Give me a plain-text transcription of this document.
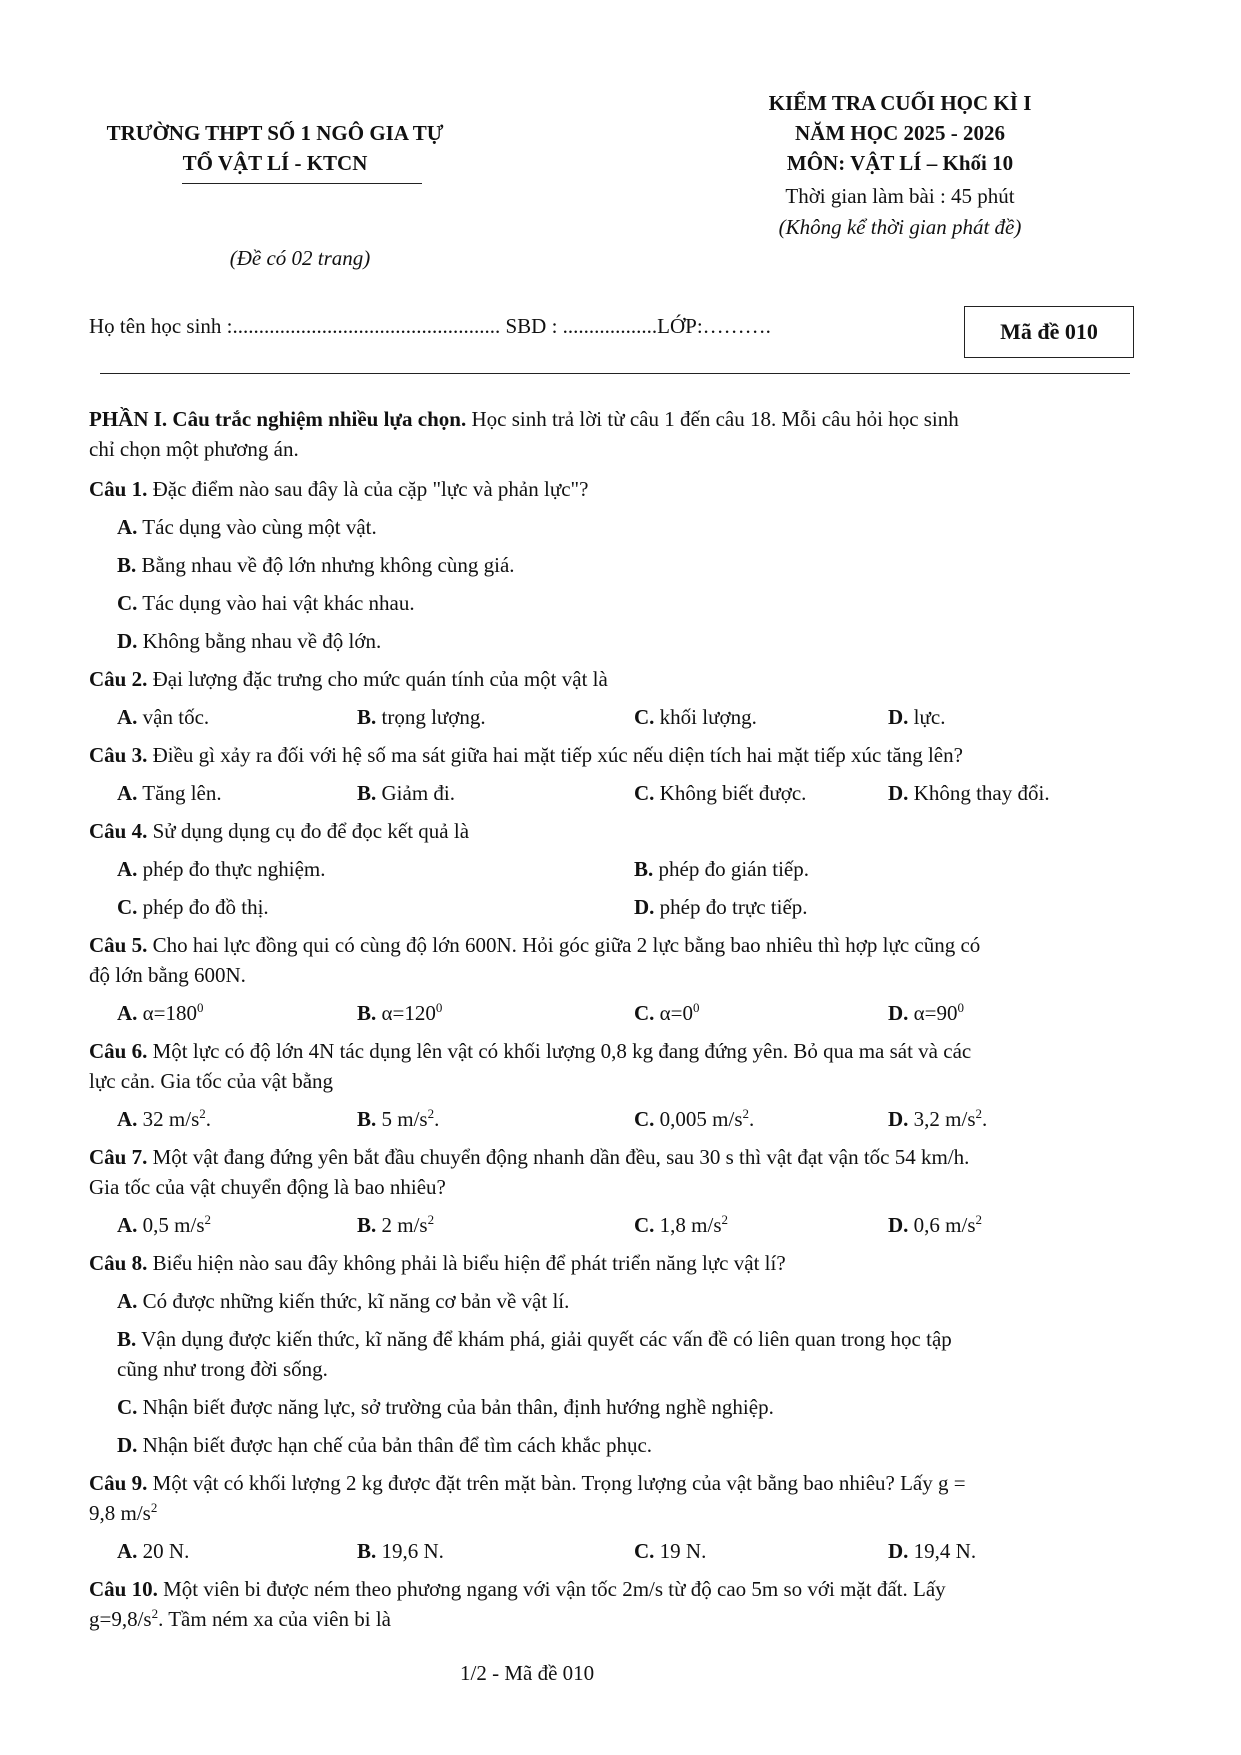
TRƯỜNG THPT SỐ 1 NGÔ GIA TỰ
TỔ VẬT LÍ - KTCN
(Đề có 02 trang)
KIỂM TRA CUỐI HỌC KÌ I
NĂM HỌC 2025 - 2026
MÔN: VẬT LÍ – Khối 10
Thời gian làm bài : 45 phút
(Không kể thời gian phát đề)
Họ tên học sinh :................................................... SBD : ..................LỚP:……….	Mã đề 010
PHẦN I. Câu trắc nghiệm nhiều lựa chọn. Học sinh trả lời từ câu 1 đến câu 18. Mỗi câu hỏi học sinh
chỉ chọn một phương án.
Câu 1. Đặc điểm nào sau đây là của cặp "lực và phản lực"?
A. Tác dụng vào cùng một vật.
B. Bằng nhau về độ lớn nhưng không cùng giá.
C. Tác dụng vào hai vật khác nhau.
D. Không bằng nhau về độ lớn.
Câu 2. Đại lượng đặc trưng cho mức quán tính của một vật là
A. vận tốc.	B. trọng lượng.	C. khối lượng.	D. lực.
Câu 3. Điều gì xảy ra đối với hệ số ma sát giữa hai mặt tiếp xúc nếu diện tích hai mặt tiếp xúc tăng lên?
A. Tăng lên.	B. Giảm đi.	C. Không biết được.	D. Không thay đổi.
Câu 4. Sử dụng dụng cụ đo để đọc kết quả là
A. phép đo thực nghiệm.	B. phép đo gián tiếp.
C. phép đo đồ thị.	D. phép đo trực tiếp.
Câu 5. Cho hai lực đồng qui có cùng độ lớn 600N. Hỏi góc giữa 2 lực bằng bao nhiêu thì hợp lực cũng có
độ lớn bằng 600N.
A. $\alpha=180^0$	B. $\alpha=120^0$	C. $\alpha=0^0$	D. $\alpha=90^0$
Câu 6. Một lực có độ lớn 4N tác dụng lên vật có khối lượng 0,8 kg đang đứng yên. Bỏ qua ma sát và các
lực cản. Gia tốc của vật bằng
A. 32 $m/s^2$.	B. 5 $m/s^2$.	C. 0,005 $m/s^2$.	D. 3,2 $m/s^2$.
Câu 7. Một vật đang đứng yên bắt đầu chuyển động nhanh dần đều, sau 30 s thì vật đạt vận tốc 54 km/h.
Gia tốc của vật chuyển động là bao nhiêu?
A. 0,5 $m/s^2$	B. 2 $m/s^2$	C. 1,8 $m/s^2$	D. 0,6 $m/s^2$
Câu 8. Biểu hiện nào sau đây không phải là biểu hiện để phát triển năng lực vật lí?
A. Có được những kiến thức, kĩ năng cơ bản về vật lí.
B. Vận dụng được kiến thức, kĩ năng để khám phá, giải quyết các vấn đề có liên quan trong học tập
cũng như trong đời sống.
C. Nhận biết được năng lực, sở trường của bản thân, định hướng nghề nghiệp.
D. Nhận biết được hạn chế của bản thân để tìm cách khắc phục.
Câu 9. Một vật có khối lượng 2 kg được đặt trên mặt bàn. Trọng lượng của vật bằng bao nhiêu? Lấy g =
9,8 $m/s^2$
A. 20 N.	B. 19,6 N.	C. 19 N.	D. 19,4 N.
Câu 10. Một viên bi được ném theo phương ngang với vận tốc 2m/s từ độ cao 5m so với mặt đất. Lấy
$g=9,8/s^2$. Tầm ném xa của viên bi là
1/2 - Mã đề 010
